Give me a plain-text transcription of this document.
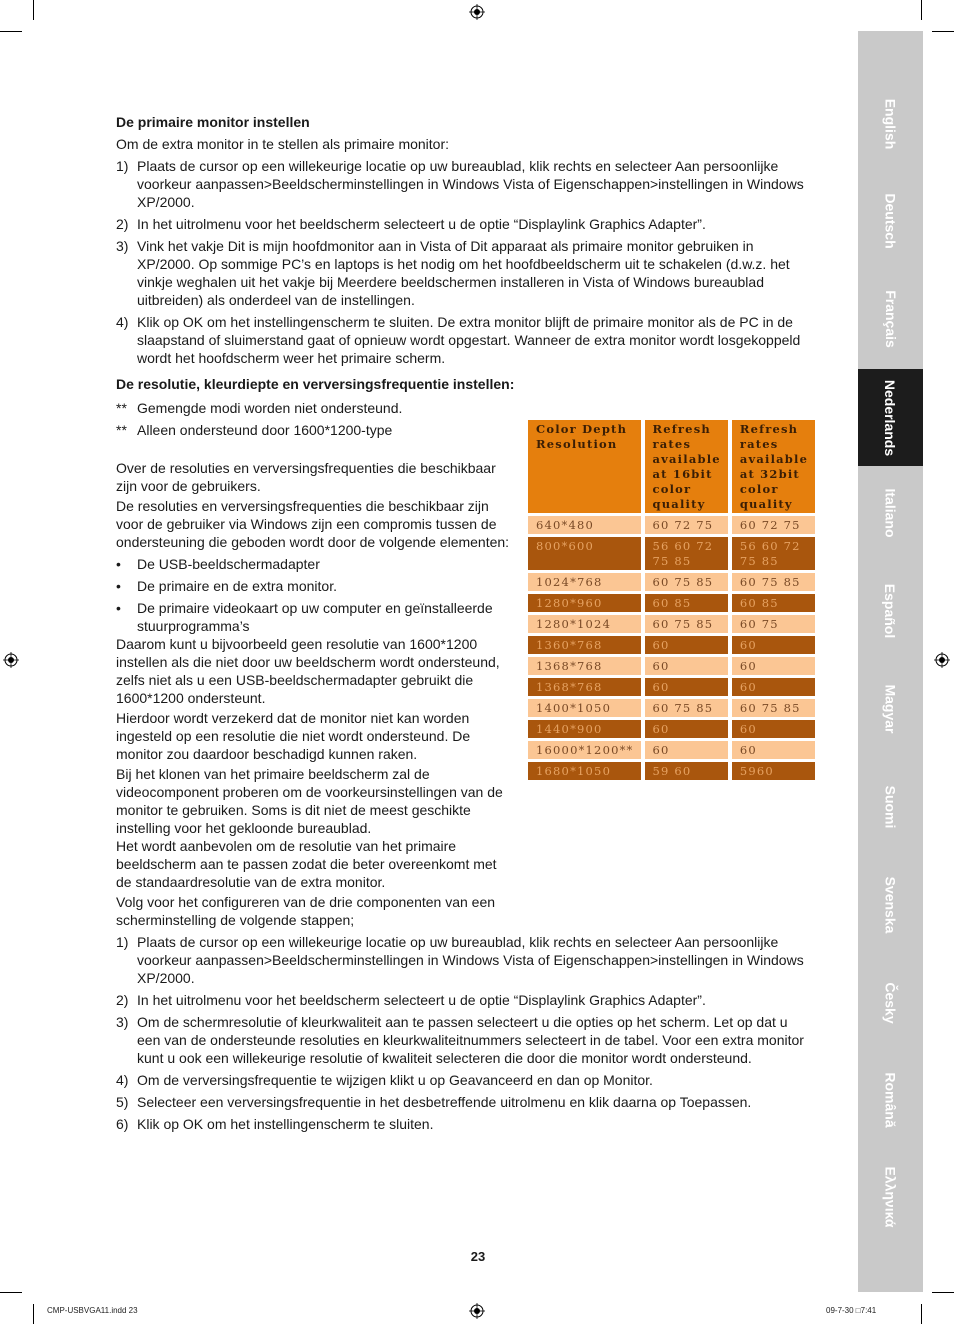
De primaire monitor instellen

Om de extra monitor in te stellen als primaire monitor:

1) Plaats de cursor op een willekeurige locatie op uw bureaublad, klik rechts en selecteer Aan persoonlijke voorkeur aanpassen>Beeldscherminstellingen in Windows Vista of Eigenschappen>instellingen in Windows XP/2000.
2) In het uitrolmenu voor het beeldscherm selecteert u de optie “Displaylink Graphics Adapter”.
3) Vink het vakje Dit is mijn hoofdmonitor aan in Vista of Dit apparaat als primaire monitor gebruiken in XP/2000. Op sommige PC’s en laptops is het nodig om het hoofdbeeldscherm uit te schakelen (d.w.z. het vinkje weghalen uit het vakje bij Meerdere beeldschermen installeren in Vista of Windows bureaublad uitbreiden) als onderdeel van de instellingen.
4) Klik op OK om het instellingenscherm te sluiten. De extra monitor blijft de primaire monitor als de PC in de slaapstand of sluimerstand gaat of opnieuw wordt opgestart. Wanneer de extra monitor wordt losgekoppeld wordt het hoofdscherm weer het primaire scherm.
De resolutie, kleurdiepte en verversingsfrequentie instellen:
** Gemengde modi worden niet ondersteund.
** Alleen ondersteund door 1600*1200-type

Over de resoluties en verversingsfrequenties die beschikbaar zijn voor de gebruikers.

De resoluties en verversingsfrequenties die beschikbaar zijn voor de gebruiker via Windows zijn een compromis tussen de ondersteuning die geboden wordt door de volgende elementen:

• De USB-beeldschermadapter
• De primaire en de extra monitor.
• De primaire videokaart op uw computer en geïnstalleerde stuurprogramma’s

Daarom kunt u bijvoorbeeld geen resolutie van 1600*1200 instellen als die niet door uw beeldscherm wordt ondersteund, zelfs niet als u een USB-beeldschermadapter gebruikt die 1600*1200 ondersteunt.

Hierdoor wordt verzekerd dat de monitor niet kan worden ingesteld op een resolutie die niet wordt ondersteund. De monitor zou daardoor beschadigd kunnen raken.

Bij het klonen van het primaire beeldscherm zal de videocomponent proberen om de voorkeursinstellingen van de monitor te gebruiken. Soms is dit niet de meest geschikte instelling voor het gekloonde bureaublad.

Het wordt aanbevolen om de resolutie van het primaire beeldscherm aan te passen zodat die beter overeenkomt met de standaardresolutie van de extra monitor.

Volg voor het configureren van de drie componenten van een scherminstelling de volgende stappen;

1) Plaats de cursor op een willekeurige locatie op uw bureaublad, klik rechts en selecteer Aan persoonlijke voorkeur aanpassen>Beeldscherminstellingen in Windows Vista of Eigenschappen>instellingen in Windows XP/2000.
2) In het uitrolmenu voor het beeldscherm selecteert u de optie “Displaylink Graphics Adapter”.
3) Om de schermresolutie of kleurkwaliteit aan te passen selecteert u die opties op het scherm. Let op dat u een van de ondersteunde resoluties en kleurkwaliteitnummers selecteert in de tabel. Voor een extra monitor kunt u ook een willekeurige resolutie of kwaliteit selecteren die door die monitor wordt ondersteund.
4) Om de verversingsfrequentie te wijzigen klikt u op Geavanceerd en dan op Monitor.
5) Selecteer een verversingsfrequentie in het desbetreffende uitrolmenu en klik daarna op Toepassen.
6) Klik op OK om het instellingenscherm te sluiten.
Color Depth Resolution	Refresh rates available at 16bit color quality	Refresh rates available at 32bit color quality
640*480	60 72 75	60 72 75
800*600	56 60 72 75 85	56 60 72 75 85
1024*768	60 75 85	60 75 85
1280*960	60 85	60 85
1280*1024	60 75 85	60 75
1360*768	60	60
1368*768	60	60
1368*768	60	60
1400*1050	60 75 85	60 75 85
1440*900	60	60
16000*1200**	60	60
1680*1050	59 60	5960
English
Deutsch
Français
Nederlands
Italiano
Español
Magyar
Suomi
Svenska
Česky
Română
Ελληνικά
23
CMP-USBVGA11.indd 23	09-7-30 □7:41
